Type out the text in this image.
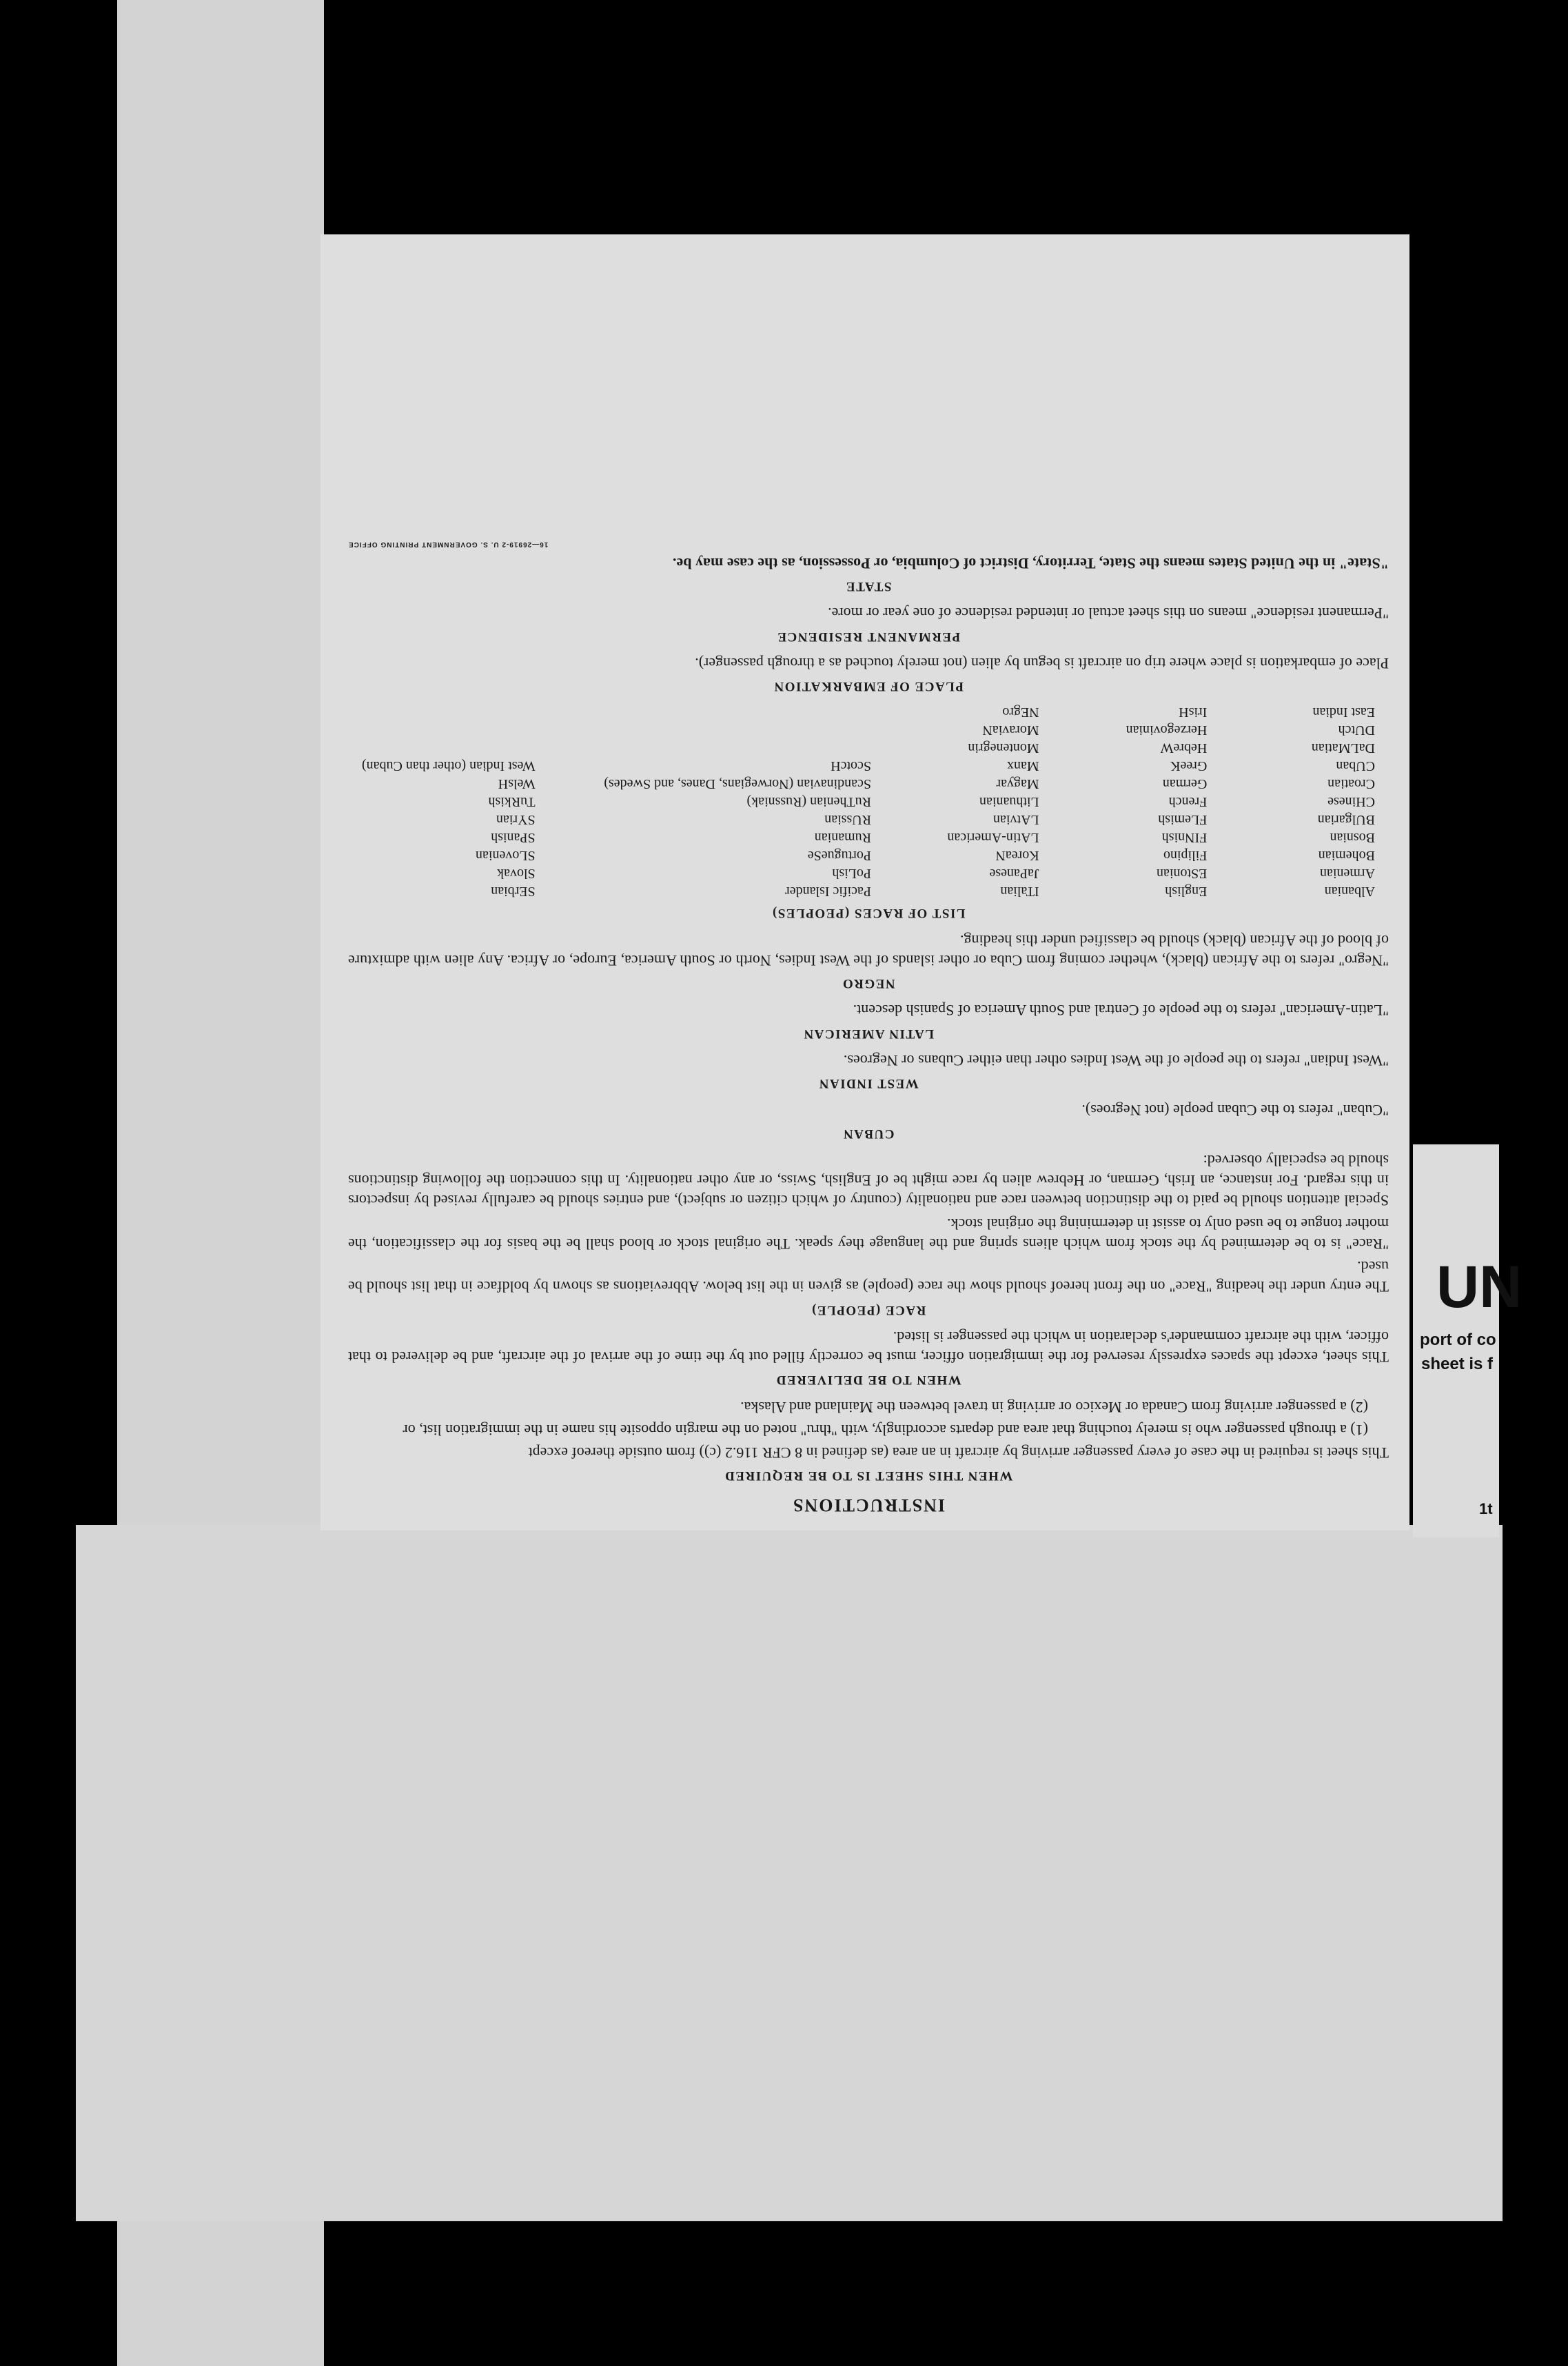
UN
port of co
sheet is f
1t
INSTRUCTIONS
WHEN THIS SHEET IS TO BE REQUIRED

This sheet is required in the case of every passenger arriving by aircraft in an area (as defined in 8 CFR 116.2 (c)) from outside thereof except

(1) a through passenger who is merely touching that area and departs accordingly, with "thru" noted on the margin opposite his name in the immigration list, or

(2) a passenger arriving from Canada or Mexico or arriving in travel between the Mainland and Alaska.

WHEN TO BE DELIVERED

This sheet, except the spaces expressly reserved for the immigration officer, must be correctly filled out by the time of the arrival of the aircraft, and be delivered to that officer, with the aircraft commander's declaration in which the passenger is listed.

RACE (PEOPLE)

The entry under the heading "Race" on the front hereof should show the race (people) as given in the list below. Abbreviations as shown by boldface in that list should be used.

"Race" is to be determined by the stock from which aliens spring and the language they speak. The original stock or blood shall be the basis for the classification, the mother tongue to be used only to assist in determining the original stock.

Special attention should be paid to the distinction between race and nationality (country of which citizen or subject), and entries should be carefully revised by inspectors in this regard. For instance, an Irish, German, or Hebrew alien by race might be of English, Swiss, or any other nationality. In this connection the following distinctions should be especially observed:

CUBAN

"Cuban" refers to the Cuban people (not Negroes).

WEST INDIAN

"West Indian" refers to the people of the West Indies other than either Cubans or Negroes.

LATIN AMERICAN

"Latin-American" refers to the people of Central and South America of Spanish descent.

NEGRO

"Negro" refers to the African (black), whether coming from Cuba or other islands of the West Indies, North or South America, Europe, or Africa. Any alien with admixture of blood of the African (black) should be classified under this heading.

LIST OF RACES (PEOPLES)
Albanian
Armenian
Bohemian
Bosnian
BUlgarian
CHinese
Croatian
CUban
DaLMatian
DUtch
East Indian
English
EStonian
Filipino
FINnish
FLemish
French
German
GreeK
HebreW
Herzegovinian
IrisH
ITalian
JaPanese
KoreaN
LAtin-American
LAtvian
Lithuanian
Magyar
Manx
Montenegrin
MoraviaN
NEgro
Pacific Islander
PoLish
PortugueSe
Rumanian
RUssian
RuThenian (Russniak)
Scandinavian (Norwegians, Danes, and Swedes)
ScotcH
SErbian
Slovak
SLovenian
SPanish
SYrian
TuRkish
WelsH
West Indian (other than Cuban)
PLACE OF EMBARKATION

Place of embarkation is place where trip on aircraft is begun by alien (not merely touched as a through passenger).

PERMANENT RESIDENCE

"Permanent residence" means on this sheet actual or intended residence of one year or more.

STATE

"State" in the United States means the State, Territory, District of Columbia, or Possession, as the case may be.

16—26919-2 U. S. GOVERNMENT PRINTING OFFICE
